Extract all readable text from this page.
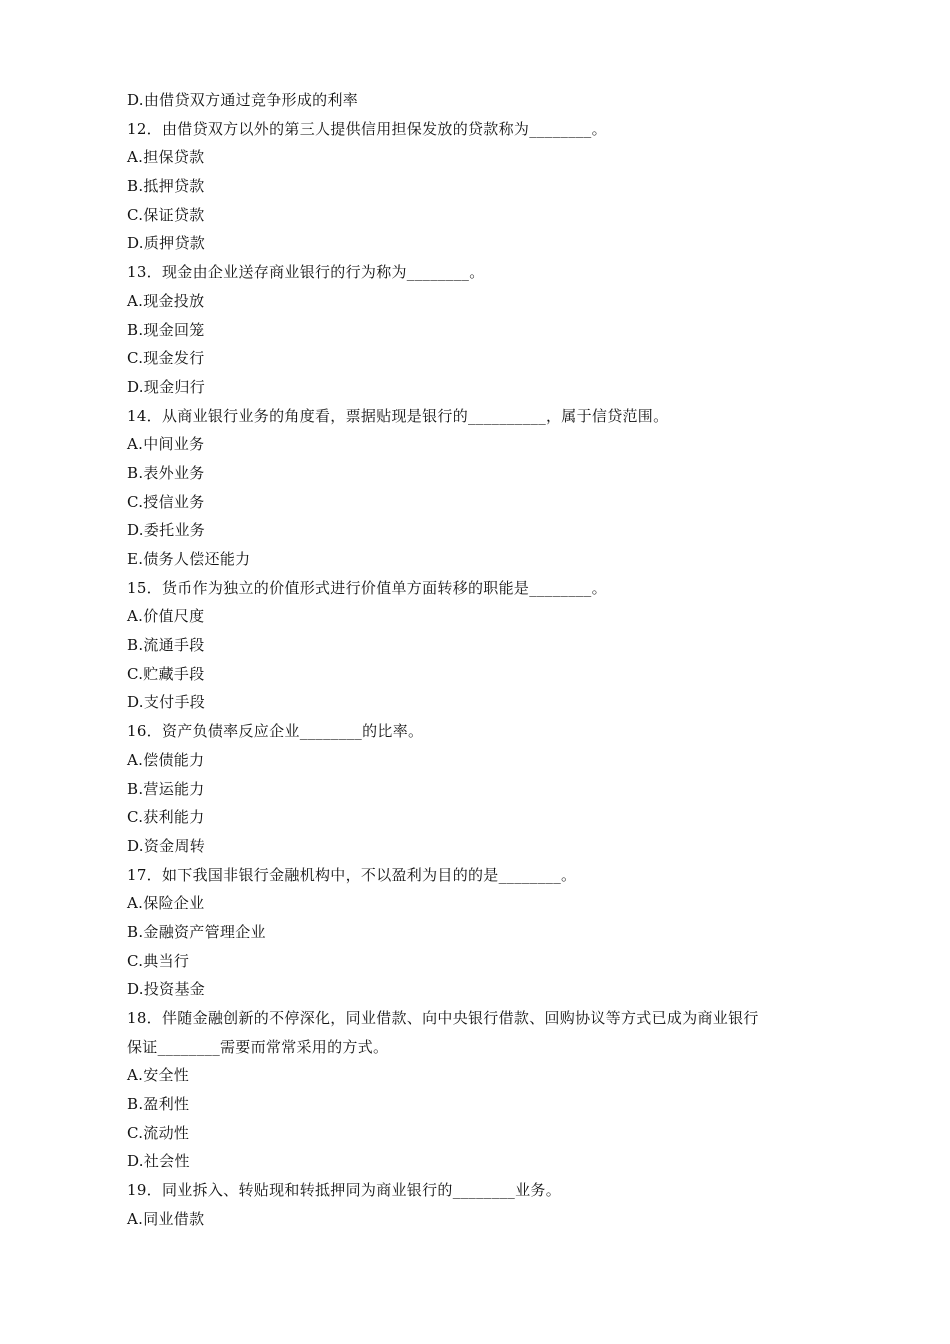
D.由借贷双方通过竞争形成的利率
12．由借贷双方以外的第三人提供信用担保发放的贷款称为________。
A.担保贷款
B.抵押贷款
C.保证贷款
D.质押贷款
13．现金由企业送存商业银行的行为称为________。
A.现金投放
B.现金回笼
C.现金发行
D.现金归行
14．从商业银行业务的角度看，票据贴现是银行的__________，属于信贷范围。
A.中间业务
B.表外业务
C.授信业务
D.委托业务
E.债务人偿还能力
15．货币作为独立的价值形式进行价值单方面转移的职能是________。
A.价值尺度
B.流通手段
C.贮藏手段
D.支付手段
16．资产负债率反应企业________的比率。
A.偿债能力
B.营运能力
C.获利能力
D.资金周转
17．如下我国非银行金融机构中，不以盈利为目的的是________。
A.保险企业
B.金融资产管理企业
C.典当行
D.投资基金
18．伴随金融创新的不停深化，同业借款、向中央银行借款、回购协议等方式已成为商业银行
保证________需要而常常采用的方式。
A.安全性
B.盈利性
C.流动性
D.社会性
19．同业拆入、转贴现和转抵押同为商业银行的________业务。
A.同业借款
